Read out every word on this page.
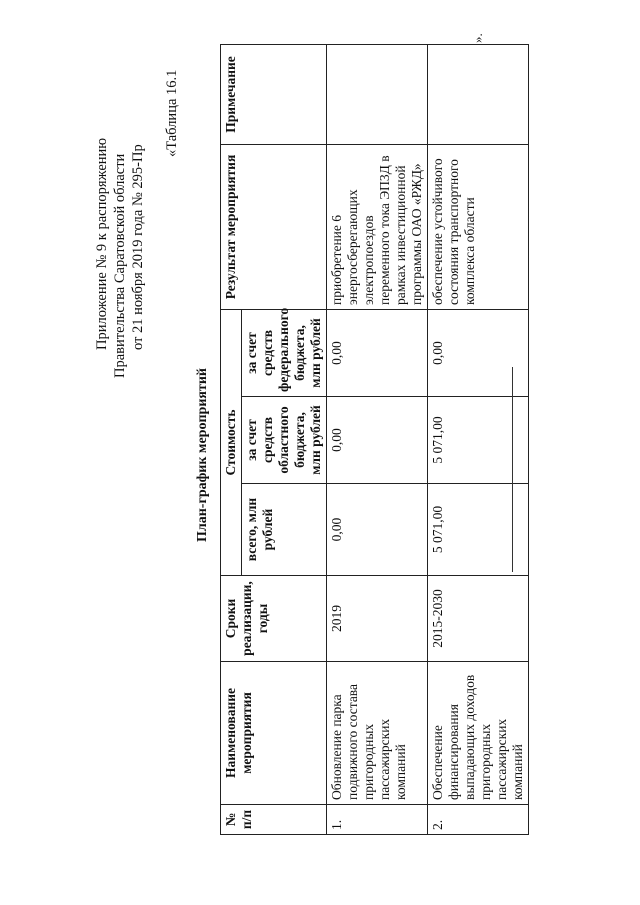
Приложение № 9 к распоряжению Правительства Саратовской области от 21 ноября 2019 года № 295-Пр
«Таблица 16.1
План-график мероприятий
№ п/п	Наименование мероприятия	Сроки реализации, годы	Стоимость			Результат мероприятия	Примечание
			всего, млн рублей	за счет средств областного бюджета, млн рублей	за счет средств федерального бюджета, млн рублей		
1.	Обновление парка подвижного состава пригородных пассажирских компаний	2019	0,00	0,00	0,00	приобретение 6 энергосберегающих электропоездов переменного тока ЭП3Д в рамках инвестиционной программы ОАО «РЖД»	
2.	Обеспечение финансирования выпадающих доходов пригородных пассажирских компаний	2015-2030	5 071,00	5 071,00	0,00	обеспечение устойчивого состояния транспортного комплекса области	
».
